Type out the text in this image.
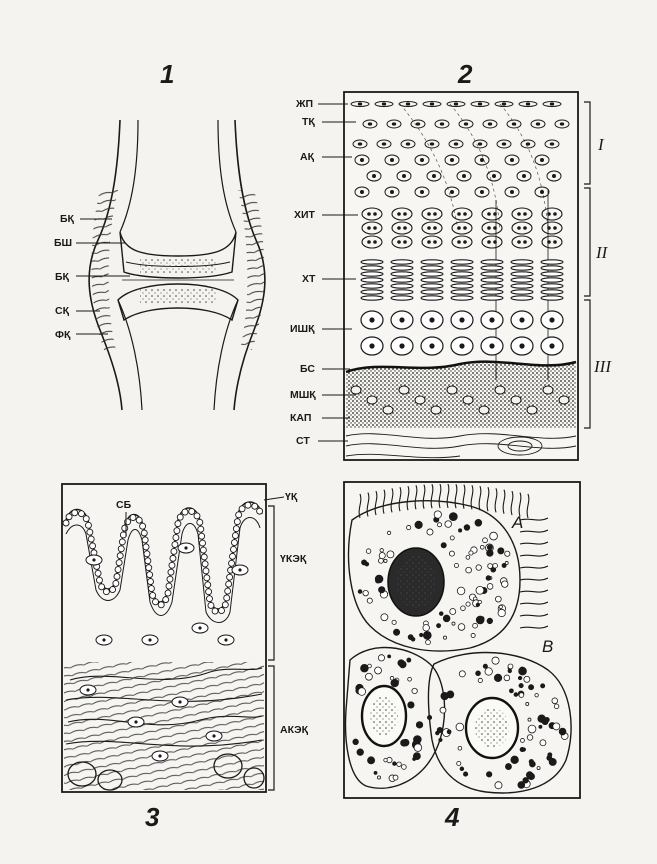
1
БҚ
БШ
БҚ
СҚ
ФҚ
2
ЖП
ТҚ
АҚ
ХИТ
ХТ
ИШҚ
БС
МШҚ
КАП
СТ
I
II
III
3
СБ
ҮҚ
ҮКЭҚ
АКЭҚ
4
A
B
